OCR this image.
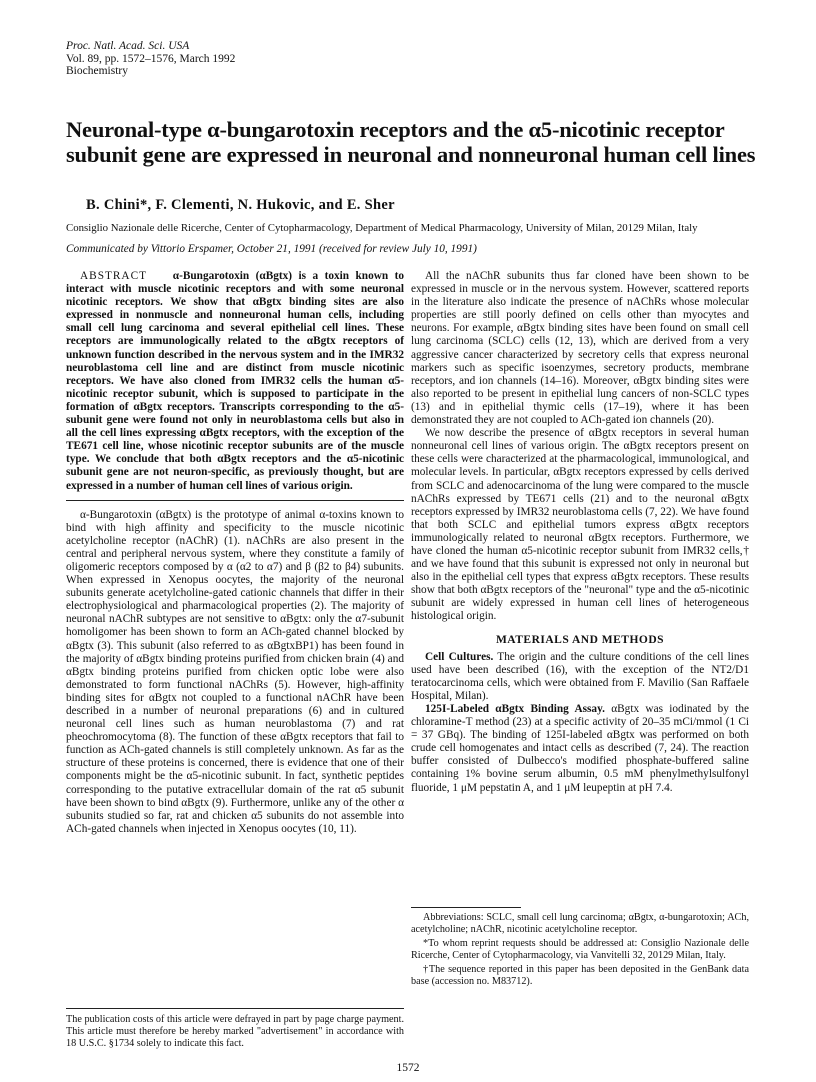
Proc. Natl. Acad. Sci. USA
Vol. 89, pp. 1572–1576, March 1992
Biochemistry
Neuronal-type α-bungarotoxin receptors and the α5-nicotinic receptor subunit gene are expressed in neuronal and nonneuronal human cell lines
B. Chini*, F. Clementi, N. Hukovic, and E. Sher
Consiglio Nazionale delle Ricerche, Center of Cytopharmacology, Department of Medical Pharmacology, University of Milan, 20129 Milan, Italy
Communicated by Vittorio Erspamer, October 21, 1991 (received for review July 10, 1991)

ABSTRACT α-Bungarotoxin (αBgtx) is a toxin known to interact with muscle nicotinic receptors and with some neuronal nicotinic receptors. We show that αBgtx binding sites are also expressed in nonmuscle and nonneuronal human cells, including small cell lung carcinoma and several epithelial cell lines. These receptors are immunologically related to the αBgtx receptors of unknown function described in the nervous system and in the IMR32 neuroblastoma cell line and are distinct from muscle nicotinic receptors. We have also cloned from IMR32 cells the human α5-nicotinic receptor subunit, which is supposed to participate in the formation of αBgtx receptors. Transcripts corresponding to the α5-subunit gene were found not only in neuroblastoma cells but also in all the cell lines expressing αBgtx receptors, with the exception of the TE671 cell line, whose nicotinic receptor subunits are of the muscle type. We conclude that both αBgtx receptors and the α5-nicotinic subunit gene are not neuron-specific, as previously thought, but are expressed in a number of human cell lines of various origin.

α-Bungarotoxin (αBgtx) is the prototype of animal α-toxins known to bind with high affinity and specificity to the muscle nicotinic acetylcholine receptor (nAChR) (1). nAChRs are also present in the central and peripheral nervous system, where they constitute a family of oligomeric receptors composed by α (α2 to α7) and β (β2 to β4) subunits. When expressed in Xenopus oocytes, the majority of the neuronal subunits generate acetylcholine-gated cationic channels that differ in their electrophysiological and pharmacological properties (2). The majority of neuronal nAChR subtypes are not sensitive to αBgtx: only the α7-subunit homoligomer has been shown to form an ACh-gated channel blocked by αBgtx (3). This subunit (also referred to as αBgtxBP1) has been found in the majority of αBgtx binding proteins purified from chicken brain (4) and αBgtx binding proteins purified from chicken optic lobe were also demonstrated to form functional nAChRs (5). However, high-affinity binding sites for αBgtx not coupled to a functional nAChR have been described in a number of neuronal preparations (6) and in cultured neuronal cell lines such as human neuroblastoma (7) and rat pheochromocytoma (8). The function of these αBgtx receptors that fail to function as ACh-gated channels is still completely unknown. As far as the structure of these proteins is concerned, there is evidence that one of their components might be the α5-nicotinic subunit. In fact, synthetic peptides corresponding to the putative extracellular domain of the rat α5 subunit have been shown to bind αBgtx (9). Furthermore, unlike any of the other α subunits studied so far, rat and chicken α5 subunits do not assemble into ACh-gated channels when injected in Xenopus oocytes (10, 11).

All the nAChR subunits thus far cloned have been shown to be expressed in muscle or in the nervous system. However, scattered reports in the literature also indicate the presence of nAChRs whose molecular properties are still poorly defined on cells other than myocytes and neurons. For example, αBgtx binding sites have been found on small cell lung carcinoma (SCLC) cells (12, 13), which are derived from a very aggressive cancer characterized by secretory cells that express neuronal markers such as specific isoenzymes, secretory products, membrane receptors, and ion channels (14–16). Moreover, αBgtx binding sites were also reported to be present in epithelial lung cancers of non-SCLC types (13) and in epithelial thymic cells (17–19), where it has been demonstrated they are not coupled to ACh-gated ion channels (20).

We now describe the presence of αBgtx receptors in several human nonneuronal cell lines of various origin. The αBgtx receptors present on these cells were characterized at the pharmacological, immunological, and molecular levels. In particular, αBgtx receptors expressed by cells derived from SCLC and adenocarcinoma of the lung were compared to the muscle nAChRs expressed by TE671 cells (21) and to the neuronal αBgtx receptors expressed by IMR32 neuroblastoma cells (7, 22). We have found that both SCLC and epithelial tumors express αBgtx receptors immunologically related to neuronal αBgtx receptors. Furthermore, we have cloned the human α5-nicotinic receptor subunit from IMR32 cells,† and we have found that this subunit is expressed not only in neuronal but also in the epithelial cell types that express αBgtx receptors. These results show that both αBgtx receptors of the "neuronal" type and the α5-nicotinic subunit are widely expressed in human cell lines of heterogeneous histological origin.

MATERIALS AND METHODS

Cell Cultures. The origin and the culture conditions of the cell lines used have been described (16), with the exception of the NT2/D1 teratocarcinoma cells, which were obtained from F. Mavilio (San Raffaele Hospital, Milan).

125I-Labeled αBgtx Binding Assay. αBgtx was iodinated by the chloramine-T method (23) at a specific activity of 20–35 mCi/mmol (1 Ci = 37 GBq). The binding of 125I-labeled αBgtx was performed on both crude cell homogenates and intact cells as described (7, 24). The reaction buffer consisted of Dulbecco's modified phosphate-buffered saline containing 1% bovine serum albumin, 0.5 mM phenylmethylsulfonyl fluoride, 1 μM pepstatin A, and 1 μM leupeptin at pH 7.4.

Abbreviations: SCLC, small cell lung carcinoma; αBgtx, α-bungarotoxin; ACh, acetylcholine; nAChR, nicotinic acetylcholine receptor.

*To whom reprint requests should be addressed at: Consiglio Nazionale delle Ricerche, Center of Cytopharmacology, via Vanvitelli 32, 20129 Milan, Italy.

†The sequence reported in this paper has been deposited in the GenBank data base (accession no. M83712).

The publication costs of this article were defrayed in part by page charge payment. This article must therefore be hereby marked "advertisement" in accordance with 18 U.S.C. §1734 solely to indicate this fact.
1572
